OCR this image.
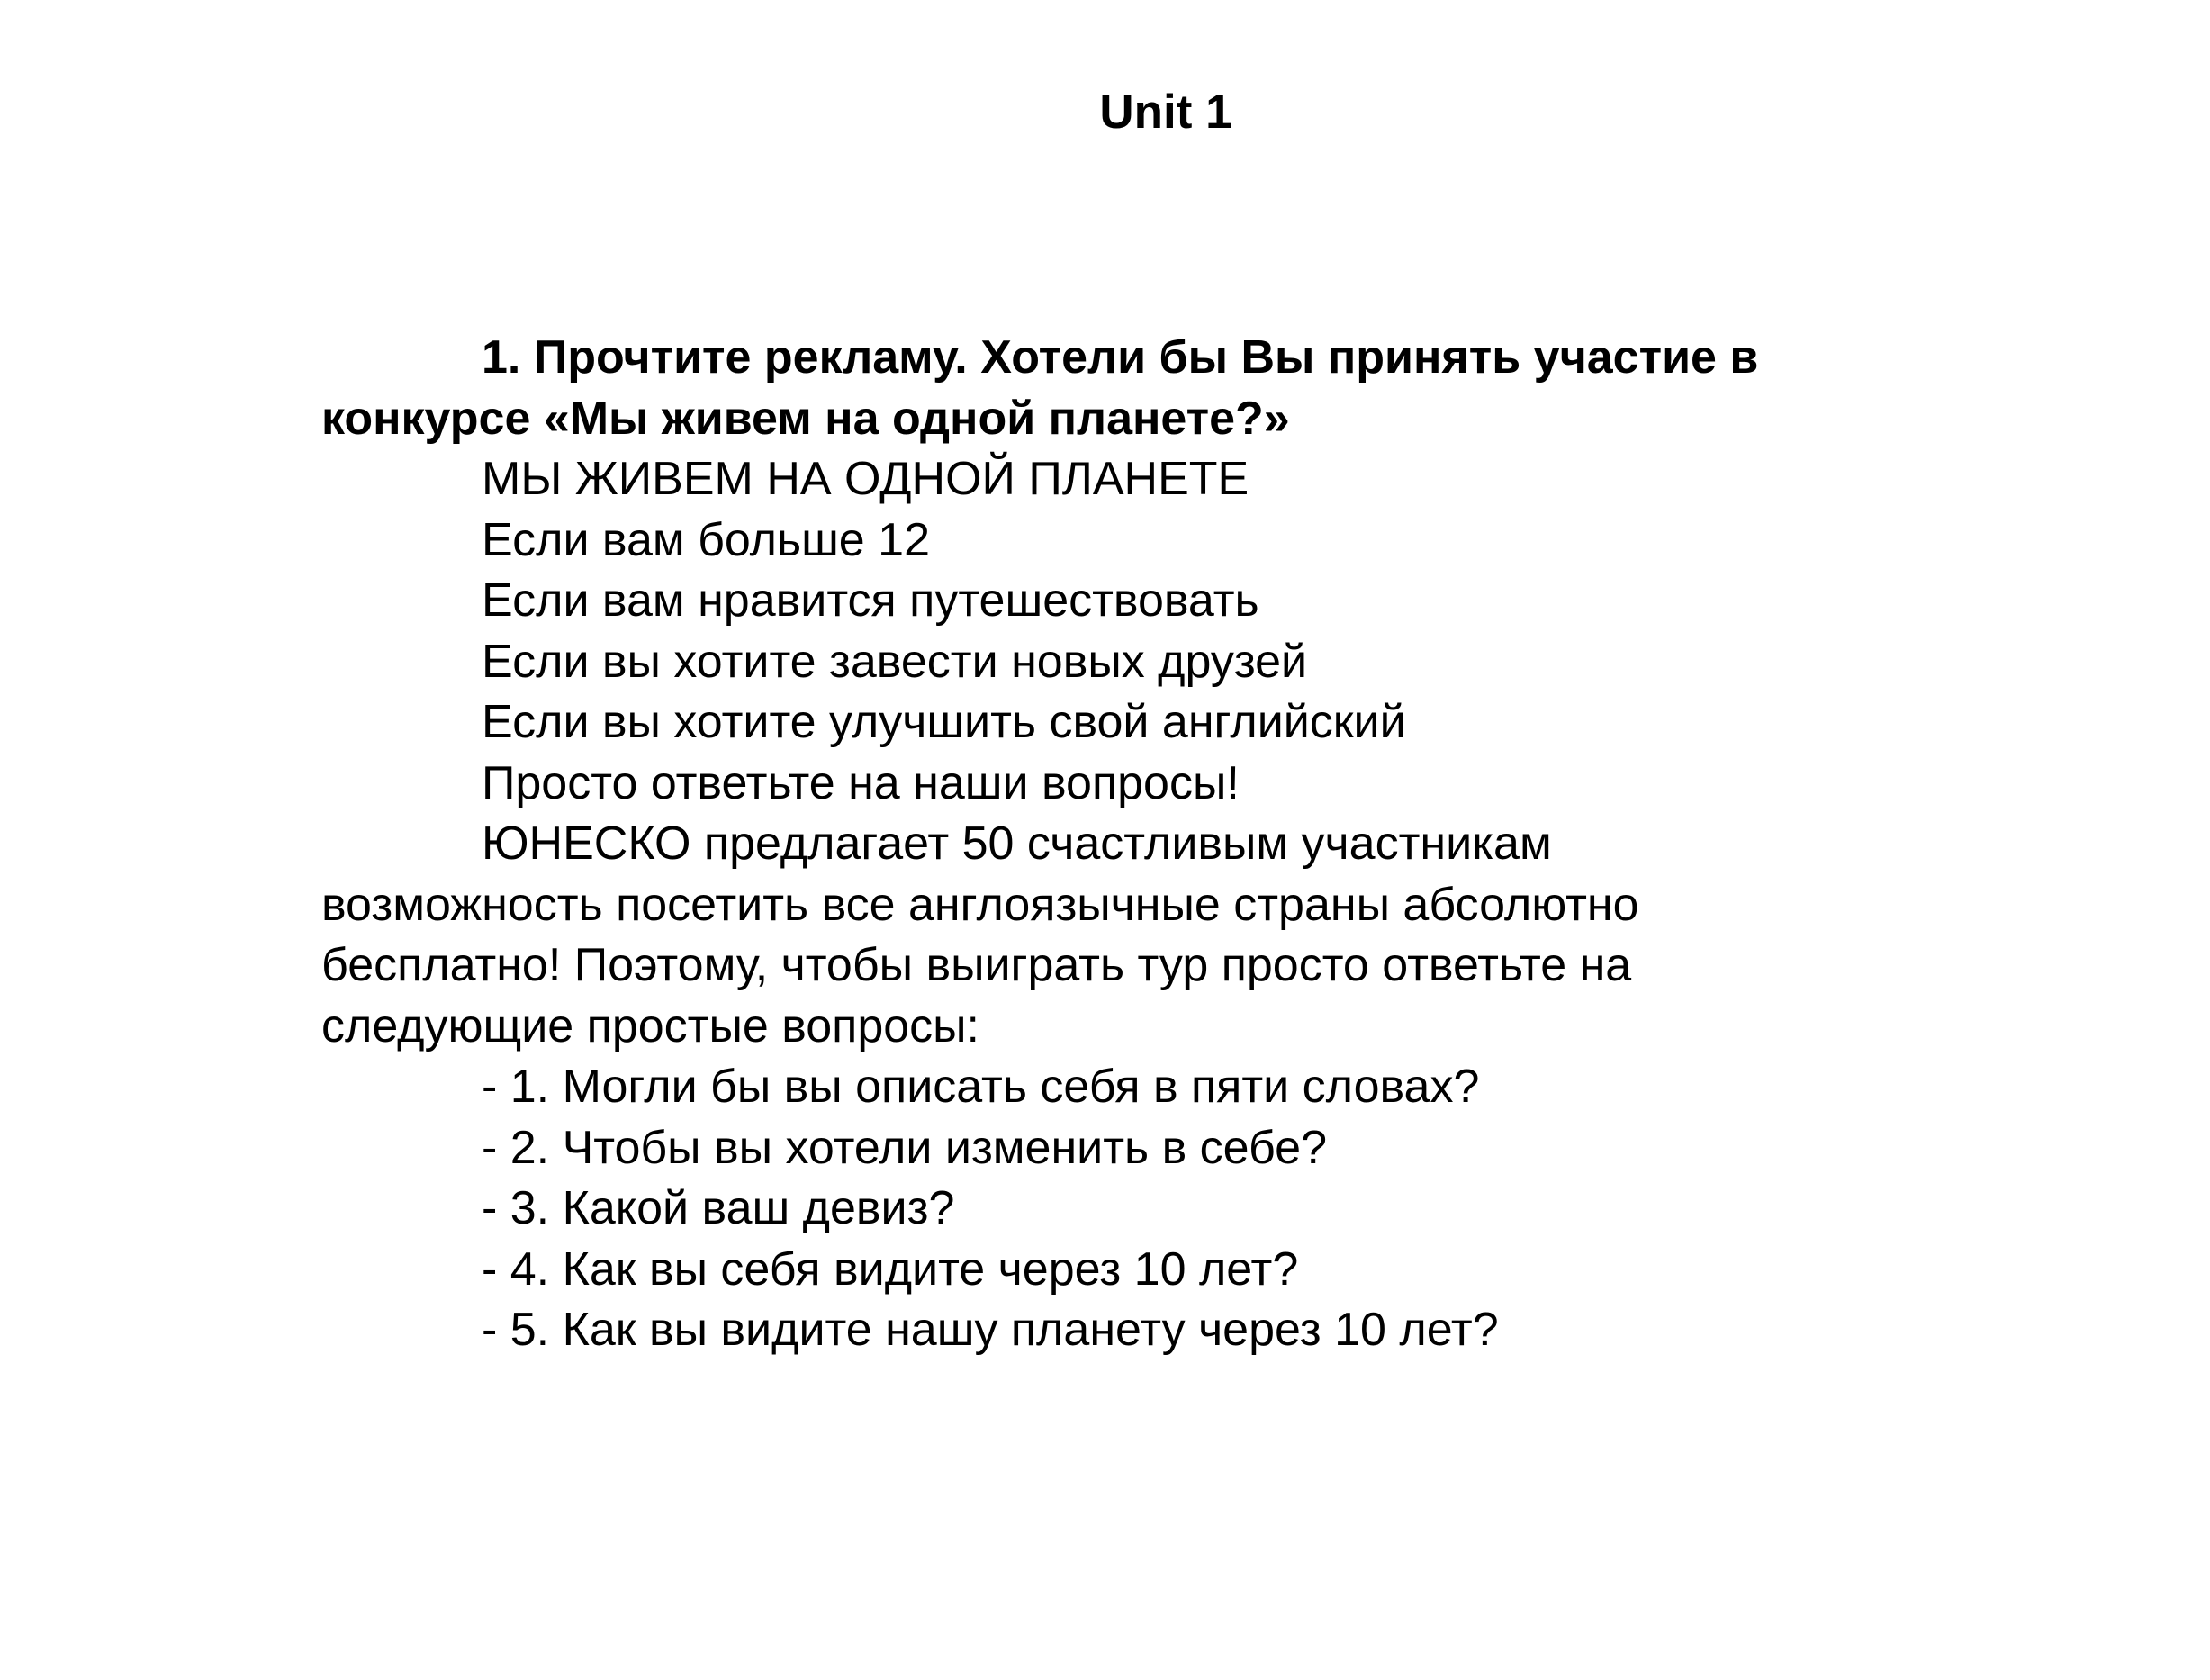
Unit 1

1. Прочтите рекламу. Хотели бы Вы принять участие в конкурсе «Мы живем на одной планете?»

МЫ ЖИВЕМ НА ОДНОЙ ПЛАНЕТЕ

Если вам больше 12

Если вам нравится путешествовать

Если вы хотите завести новых друзей

Если вы хотите улучшить свой английский

Просто ответьте на наши вопросы!

ЮНЕСКО предлагает 50 счастливым участникам возможность посетить все англоязычные страны абсолютно бесплатно! Поэтому, чтобы выиграть тур просто ответьте на следующие простые вопросы:

- 1. Могли бы вы описать себя в пяти словах?
- 2. Чтобы вы хотели изменить в себе?
- 3. Какой ваш девиз?
- 4. Как вы себя видите через 10 лет?
- 5. Как вы видите нашу планету через 10 лет?
